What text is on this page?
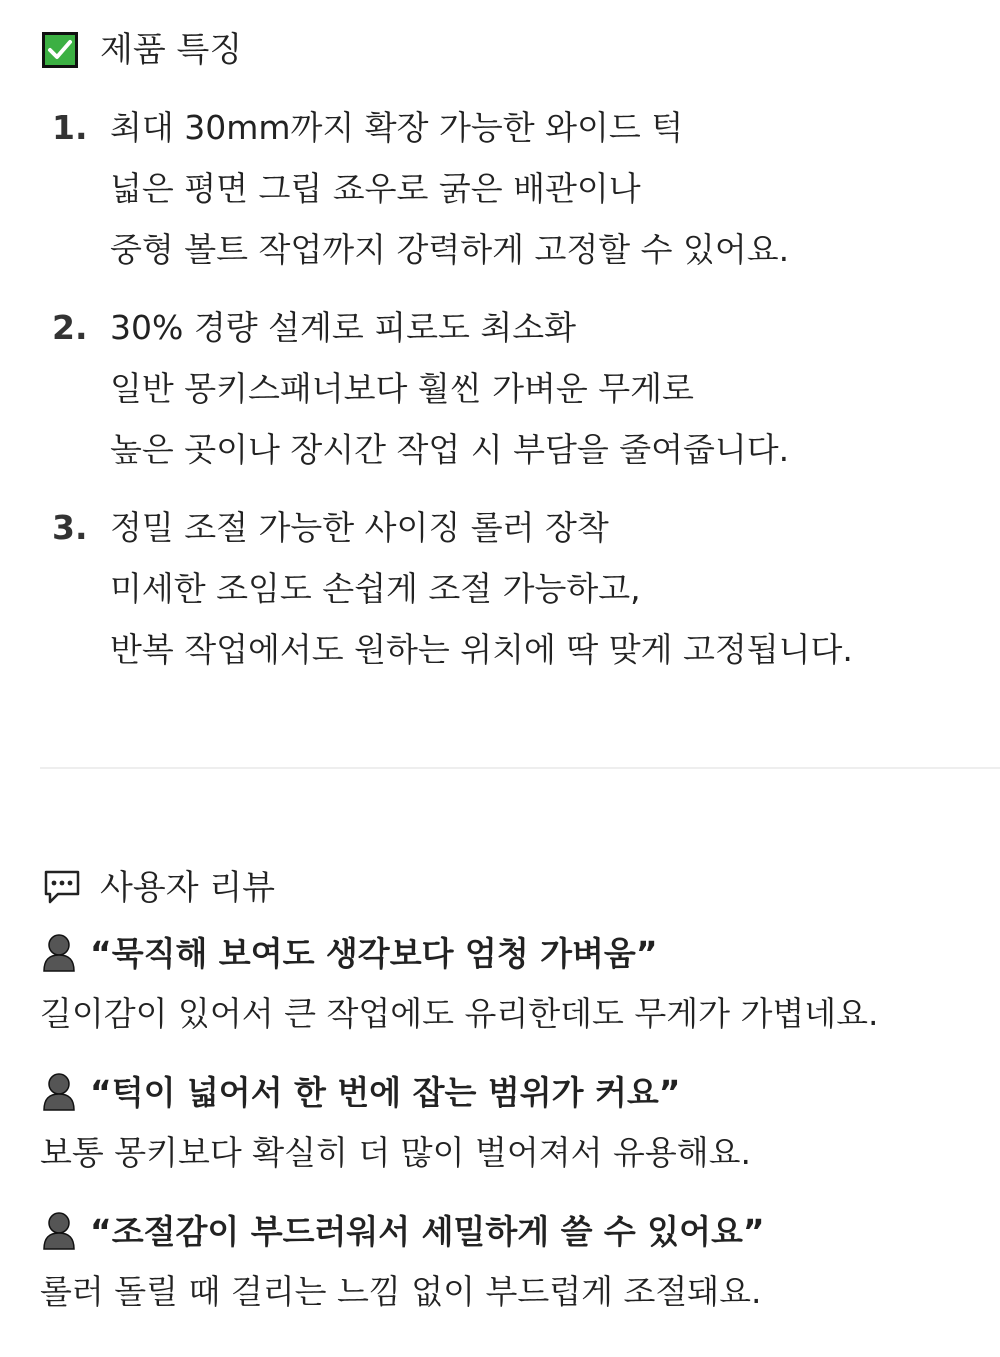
제품 특징
1. 최대 30mm까지 확장 가능한 와이드 턱
넓은 평면 그립 죠우로 굵은 배관이나
중형 볼트 작업까지 강력하게 고정할 수 있어요.
2. 30% 경량 설계로 피로도 최소화
일반 몽키스패너보다 훨씬 가벼운 무게로
높은 곳이나 장시간 작업 시 부담을 줄여줍니다.
3. 정밀 조절 가능한 사이징 롤러 장착
미세한 조임도 손쉽게 조절 가능하고,
반복 작업에서도 원하는 위치에 딱 맞게 고정됩니다.
사용자 리뷰
“묵직해 보여도 생각보다 엄청 가벼움”
길이감이 있어서 큰 작업에도 유리한데도 무게가 가볍네요.
“턱이 넓어서 한 번에 잡는 범위가 커요”
보통 몽키보다 확실히 더 많이 벌어져서 유용해요.
“조절감이 부드러워서 세밀하게 쓸 수 있어요”
롤러 돌릴 때 걸리는 느낌 없이 부드럽게 조절돼요.
